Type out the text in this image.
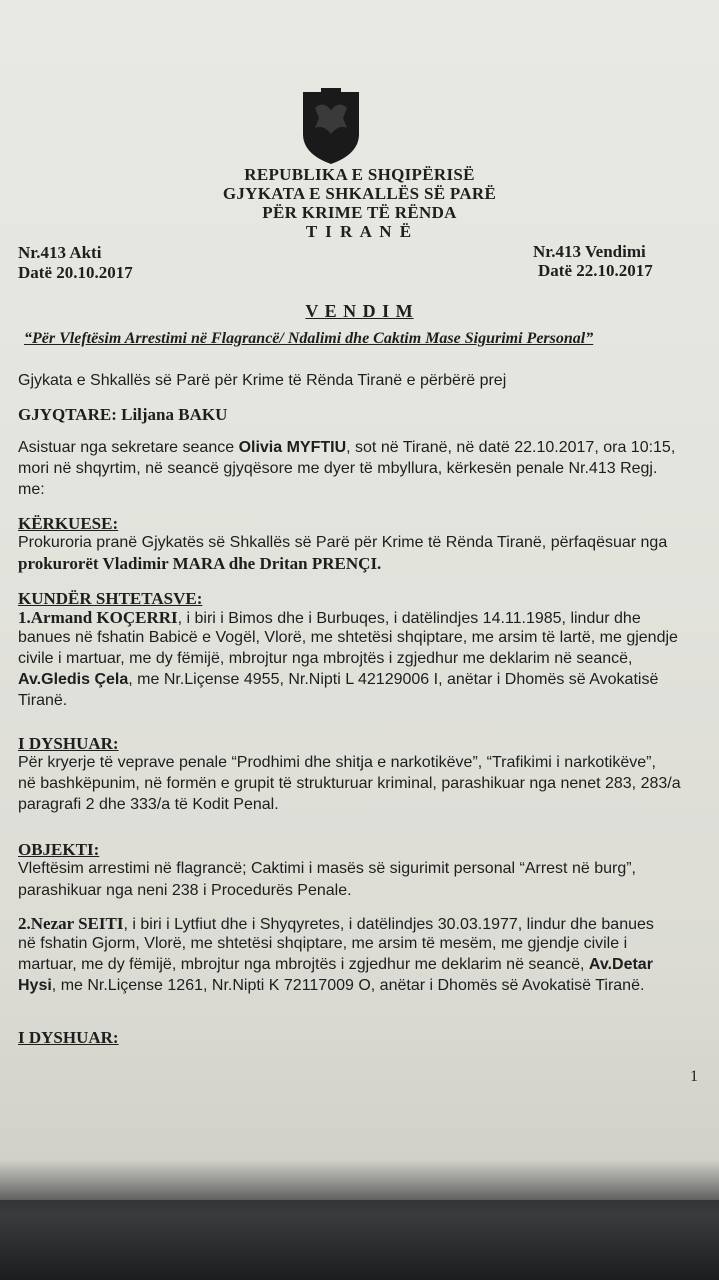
REPUBLIKA E SHQIPËRISË
GJYKATA E SHKALLËS SË PARË
PËR KRIME TË RËNDA
T I R A N Ë
Nr.413 Akti
Datë 20.10.2017
Nr.413 Vendimi
Datë 22.10.2017
V E N D I M
“Për Vleftësim Arrestimi në Flagrancë/ Ndalimi dhe Caktim Mase Sigurimi Personal”
Gjykata e Shkallës së Parë për Krime të Rënda Tiranë e përbërë prej
GJYQTARE: Liljana BAKU
Asistuar nga sekretare seance Olivia MYFTIU, sot në Tiranë, në datë 22.10.2017, ora 10:15,
mori në shqyrtim, në seancë gjyqësore me dyer të mbyllura, kërkesën penale Nr.413 Regj.
me:
KËRKUESE:
Prokuroria pranë Gjykatës së Shkallës së Parë për Krime të Rënda Tiranë, përfaqësuar nga
prokurorët Vladimir MARA dhe Dritan PRENÇI.
KUNDËR SHTETASVE:
1.Armand KOÇERRI, i biri i Bimos dhe i Burbuqes, i datëlindjes 14.11.1985, lindur dhe
banues në fshatin Babicë e Vogël, Vlorë, me shtetësi shqiptare, me arsim të lartë, me gjendje
civile i martuar, me dy fëmijë, mbrojtur nga mbrojtës i zgjedhur me deklarim në seancë,
Av.Gledis Çela, me Nr.Liçense 4955, Nr.Nipti L 42129006 I, anëtar i Dhomës së Avokatisë
Tiranë.
I DYSHUAR:
Për kryerje të veprave penale “Prodhimi dhe shitja e narkotikëve”, “Trafikimi i narkotikëve”,
në bashkëpunim, në formën e grupit të strukturuar kriminal, parashikuar nga nenet 283, 283/a
paragrafi 2 dhe 333/a të Kodit Penal.
OBJEKTI:
Vleftësim arrestimi në flagrancë; Caktimi i masës së sigurimit personal “Arrest në burg”,
parashikuar nga neni 238 i Procedurës Penale.
2.Nezar SEITI, i biri i Lytfiut dhe i Shyqyretes, i datëlindjes 30.03.1977, lindur dhe banues
në fshatin Gjorm, Vlorë, me shtetësi shqiptare, me arsim të mesëm, me gjendje civile i
martuar, me dy fëmijë, mbrojtur nga mbrojtës i zgjedhur me deklarim në seancë, Av.Detar
Hysi, me Nr.Liçense 1261, Nr.Nipti K 72117009 O, anëtar i Dhomës së Avokatisë Tiranë.
I DYSHUAR:
1
